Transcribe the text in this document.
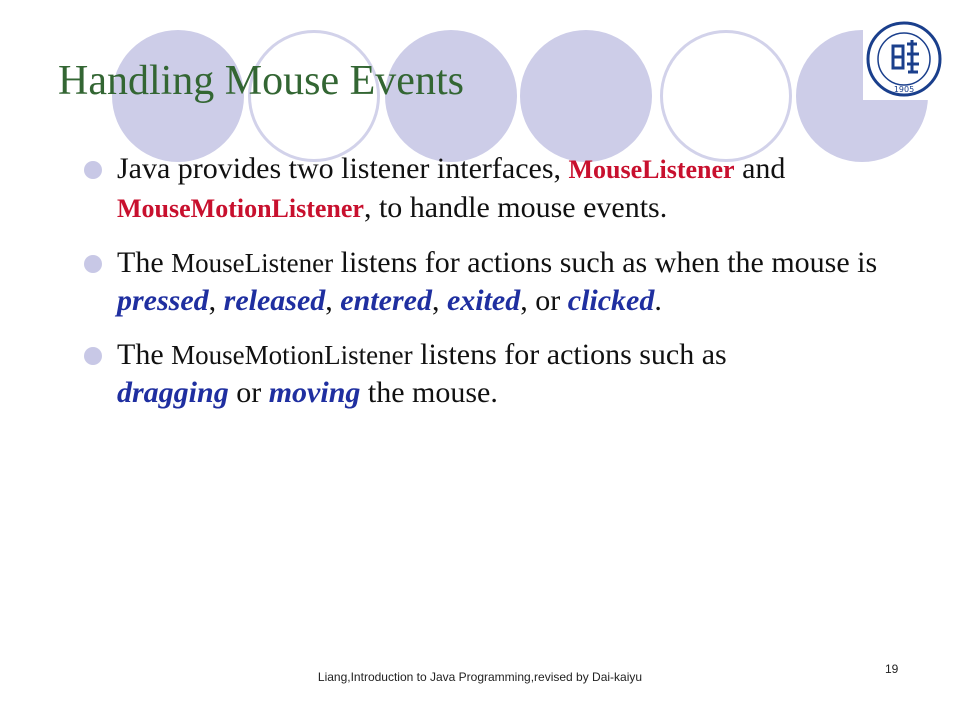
1905
Handling Mouse Events
Java provides two listener interfaces, MouseListener and MouseMotionListener, to handle mouse events.
The MouseListener listens for actions such as when the mouse is pressed, released, entered, exited, or clicked.
The MouseMotionListener listens for actions such as dragging or moving the mouse.
Liang,Introduction to Java Programming,revised by Dai-kaiyu
19
